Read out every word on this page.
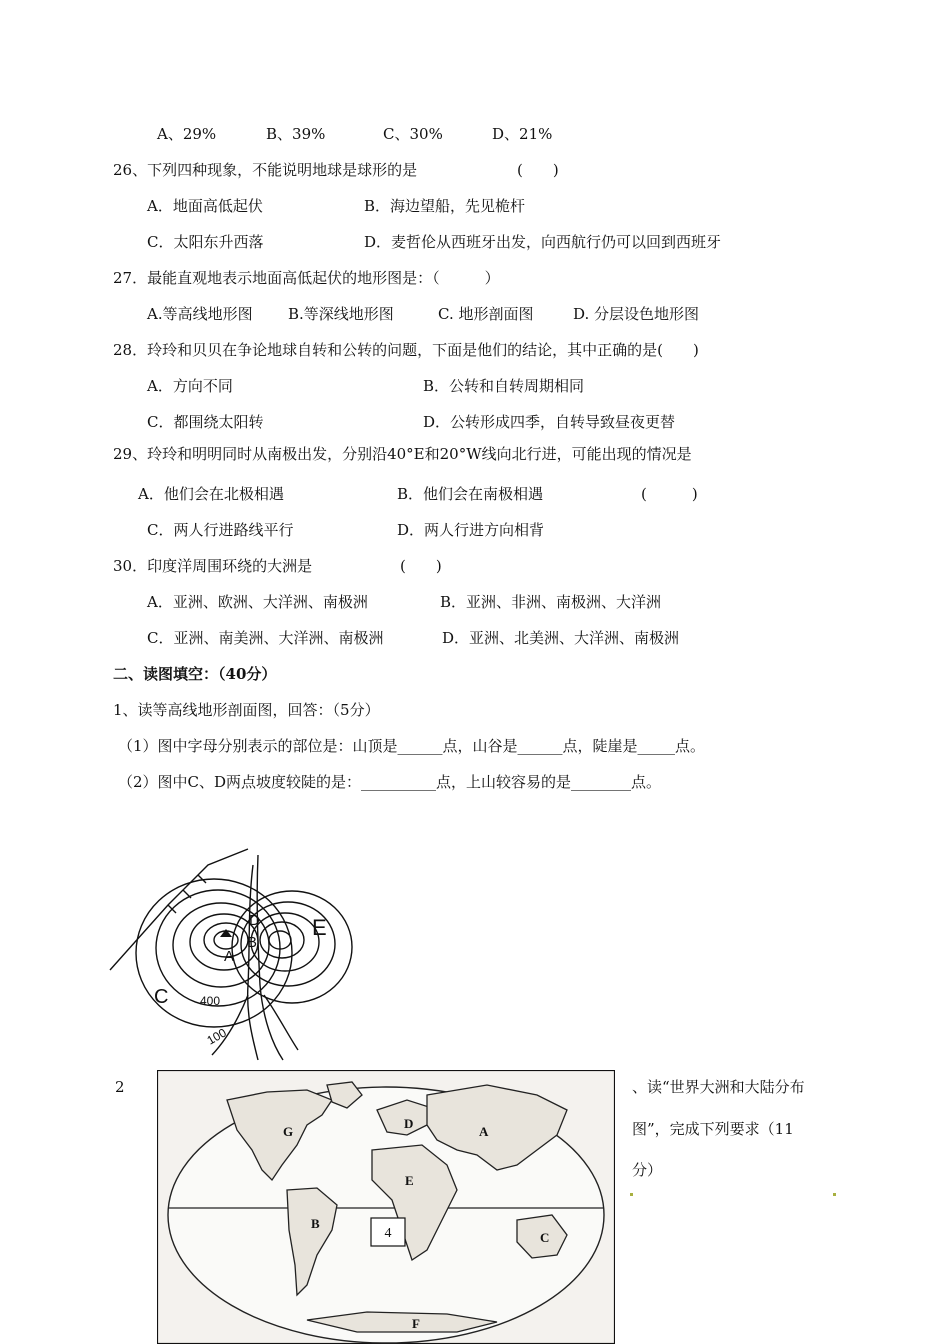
A、29%	B、39%	C、30%	D、21%
26、下列四种现象，不能说明地球是球形的是	(　　)
A．地面高低起伏	B．海边望船，先见桅杆
C．太阳东升西落	D．麦哲伦从西班牙出发，向西航行仍可以回到西班牙
27．最能直观地表示地面高低起伏的地形图是：（　　　）
A.等高线地形图 B.等深线地形图	C. 地形剖面图	D. 分层设色地形图
28．玲玲和贝贝在争论地球自转和公转的问题，下面是他们的结论，其中正确的是(　　)
A．方向不同	B．公转和自转周期相同
C．都围绕太阳转	D．公转形成四季，自转导致昼夜更替
29、玲玲和明明同时从南极出发，分别沿40°E和20°W线向北行进，可能出现的情况是
A．他们会在北极相遇	B．他们会在南极相遇	(　　　)
C．两人行进路线平行	D．两人行进方向相背
30．印度洋周围环绕的大洲是	(　　)
A．亚洲、欧洲、大洋洲、南极洲	B．亚洲、非洲、南极洲、大洋洲
C．亚洲、南美洲、大洋洲、南极洲	D．亚洲、北美洲、大洋洲、南极洲
二、读图填空：（40分）
1、读等高线地形剖面图，回答：（5分）
（1）图中字母分别表示的部位是：山顶是______点，山谷是______点，陡崖是_____点。
（2）图中C、D两点坡度较陡的是：__________点，上山较容易的是________点。
A
B
C
D E
400
100
2
A
B
C
D
E
F
G
4
、读“世界大洲和大陆分布
图”，完成下列要求（11
分）
